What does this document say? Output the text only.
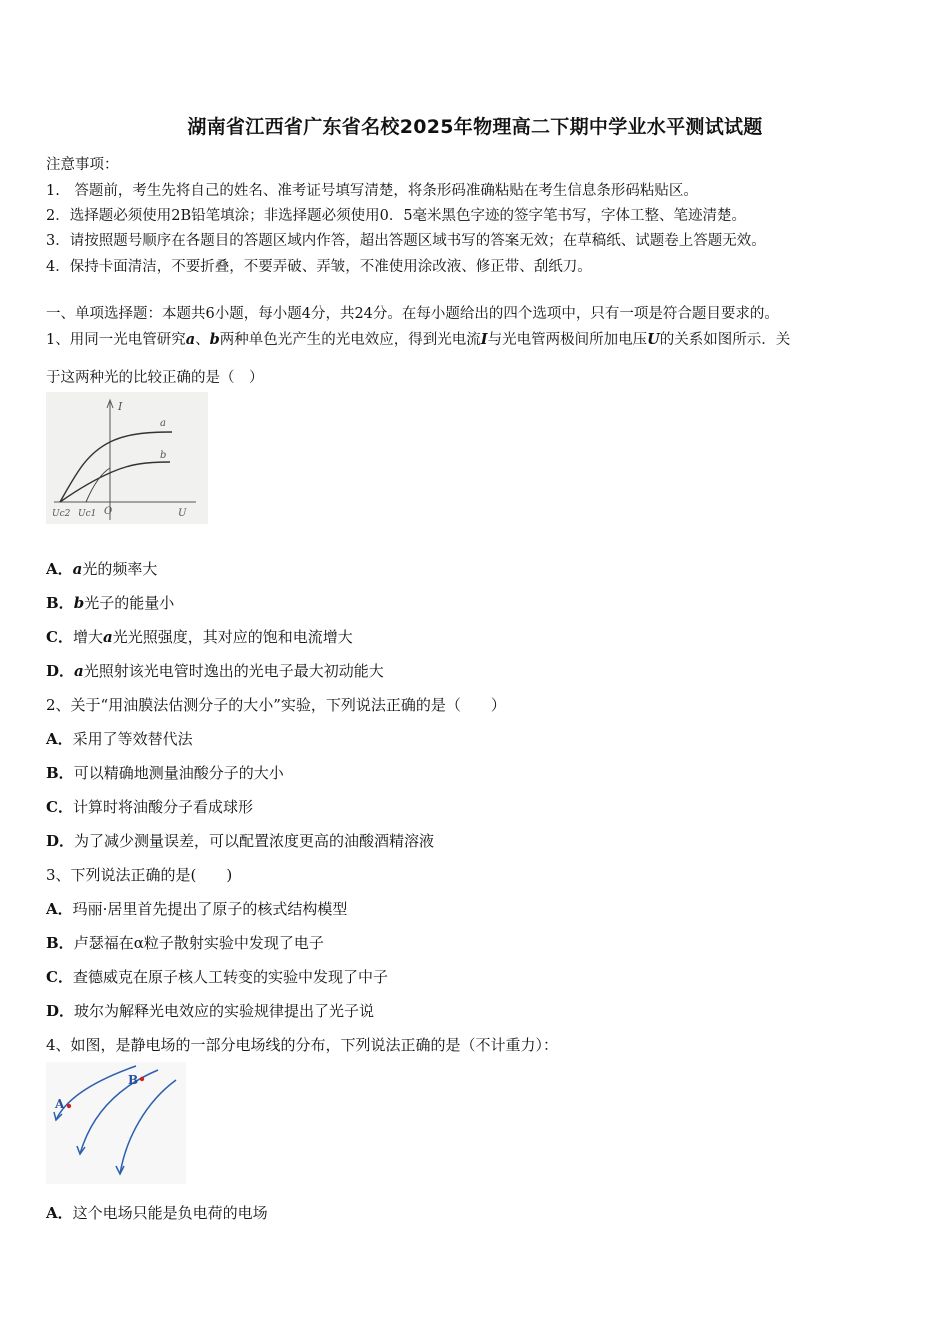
湖南省江西省广东省名校2025年物理高二下期中学业水平测试试题
注意事项：
1.　答题前，考生先将自己的姓名、准考证号填写清楚，将条形码准确粘贴在考生信息条形码粘贴区。
2．选择题必须使用2B铅笔填涂；非选择题必须使用0．5毫米黑色字迹的签字笔书写，字体工整、笔迹清楚。
3．请按照题号顺序在各题目的答题区域内作答，超出答题区域书写的答案无效；在草稿纸、试题卷上答题无效。
4．保持卡面清洁，不要折叠，不要弄破、弄皱，不准使用涂改液、修正带、刮纸刀。
一、单项选择题：本题共6小题，每小题4分，共24分。在每小题给出的四个选项中，只有一项是符合题目要求的。
1、用同一光电管研究a、b两种单色光产生的光电效应，得到光电流I与光电管两极间所加电压U的关系如图所示．关
于这两种光的比较正确的是（　）
I
a
b
O	U
Uc2 Uc1
A．a光的频率大
B．b光子的能量小
C．增大a光光照强度，其对应的饱和电流增大
D．a光照射该光电管时逸出的光电子最大初动能大
2、关于“用油膜法估测分子的大小”实验，下列说法正确的是（　　）
A．采用了等效替代法
B．可以精确地测量油酸分子的大小
C．计算时将油酸分子看成球形
D．为了减少测量误差，可以配置浓度更高的油酸酒精溶液
3、下列说法正确的是(　　)
A．玛丽·居里首先提出了原子的核式结构模型
B．卢瑟福在α粒子散射实验中发现了电子
C．查德威克在原子核人工转变的实验中发现了中子
D．玻尔为解释光电效应的实验规律提出了光子说
4、如图，是静电场的一部分电场线的分布，下列说法正确的是（不计重力）：
A
B
A．这个电场只能是负电荷的电场
